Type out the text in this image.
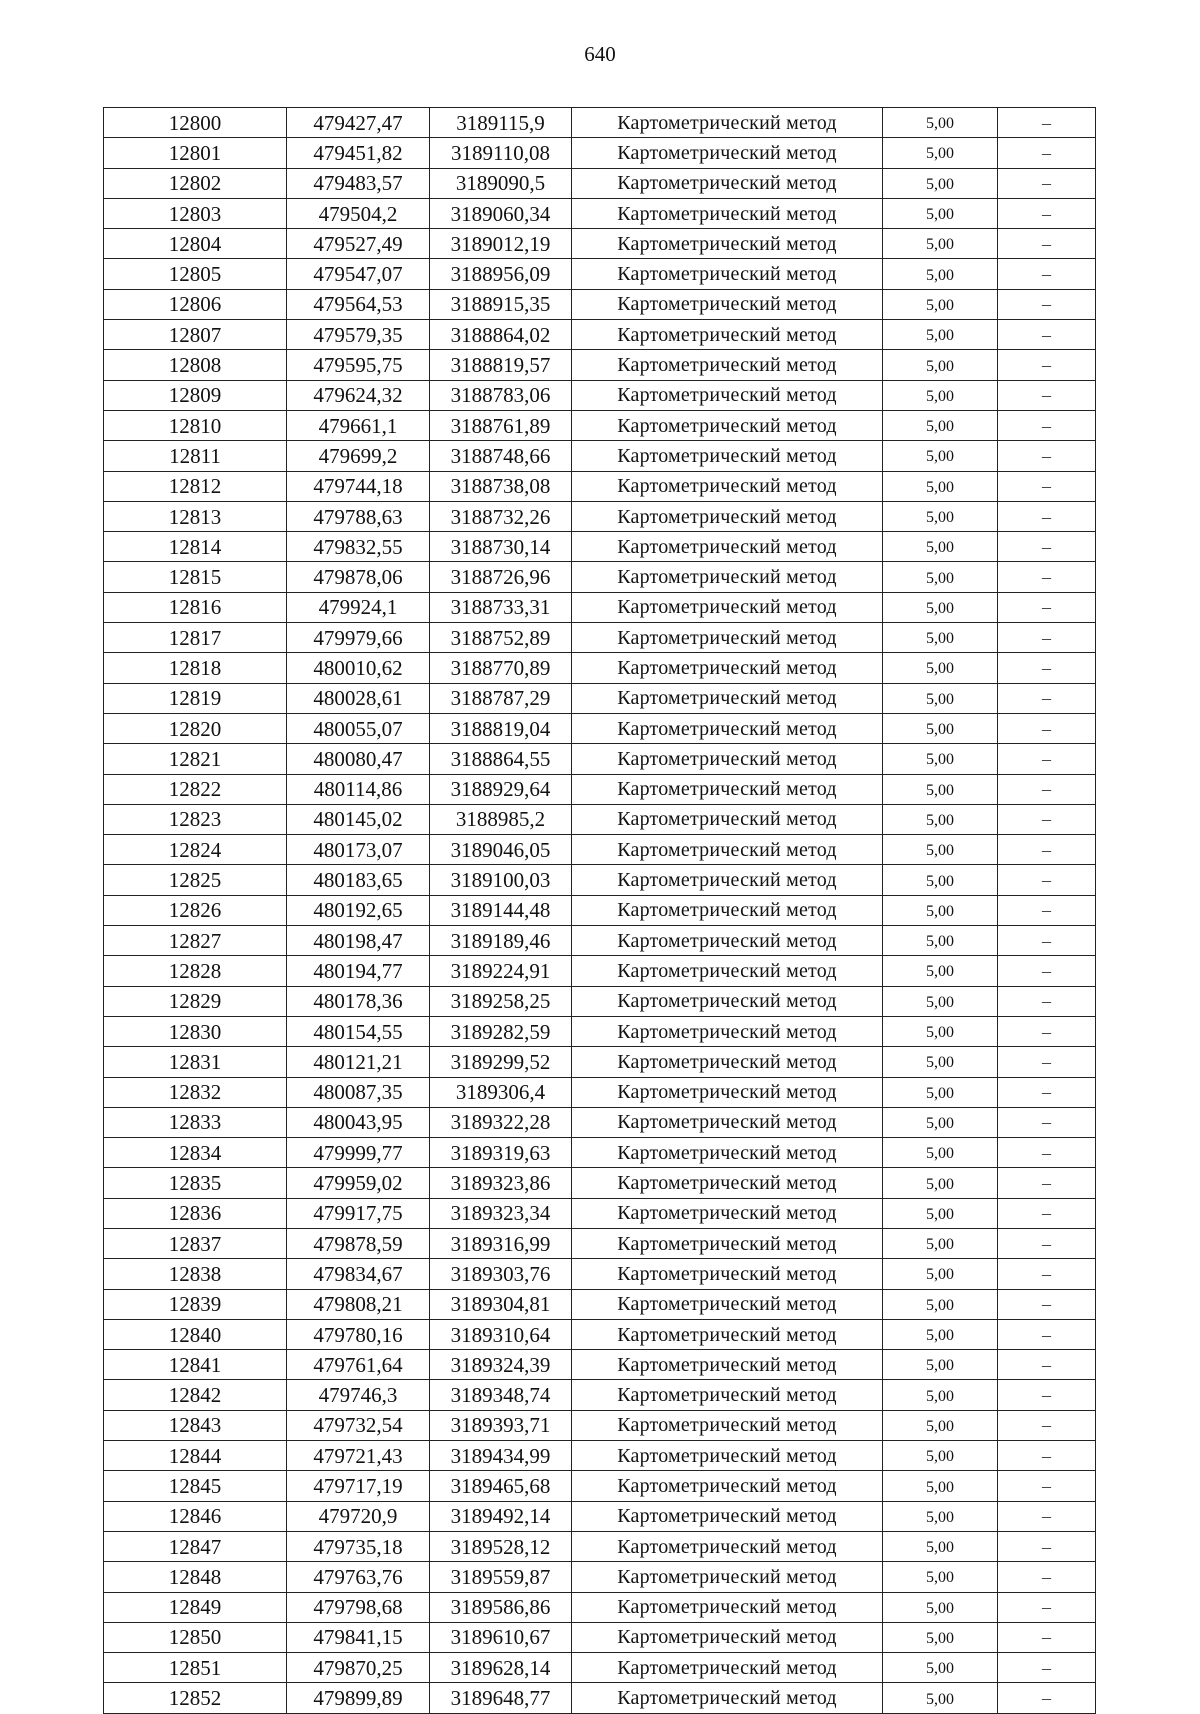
640
12800	479427,47	3189115,9	Картометрический метод	5,00	–
12801	479451,82	3189110,08	Картометрический метод	5,00	–
12802	479483,57	3189090,5	Картометрический метод	5,00	–
12803	479504,2	3189060,34	Картометрический метод	5,00	–
12804	479527,49	3189012,19	Картометрический метод	5,00	–
12805	479547,07	3188956,09	Картометрический метод	5,00	–
12806	479564,53	3188915,35	Картометрический метод	5,00	–
12807	479579,35	3188864,02	Картометрический метод	5,00	–
12808	479595,75	3188819,57	Картометрический метод	5,00	–
12809	479624,32	3188783,06	Картометрический метод	5,00	–
12810	479661,1	3188761,89	Картометрический метод	5,00	–
12811	479699,2	3188748,66	Картометрический метод	5,00	–
12812	479744,18	3188738,08	Картометрический метод	5,00	–
12813	479788,63	3188732,26	Картометрический метод	5,00	–
12814	479832,55	3188730,14	Картометрический метод	5,00	–
12815	479878,06	3188726,96	Картометрический метод	5,00	–
12816	479924,1	3188733,31	Картометрический метод	5,00	–
12817	479979,66	3188752,89	Картометрический метод	5,00	–
12818	480010,62	3188770,89	Картометрический метод	5,00	–
12819	480028,61	3188787,29	Картометрический метод	5,00	–
12820	480055,07	3188819,04	Картометрический метод	5,00	–
12821	480080,47	3188864,55	Картометрический метод	5,00	–
12822	480114,86	3188929,64	Картометрический метод	5,00	–
12823	480145,02	3188985,2	Картометрический метод	5,00	–
12824	480173,07	3189046,05	Картометрический метод	5,00	–
12825	480183,65	3189100,03	Картометрический метод	5,00	–
12826	480192,65	3189144,48	Картометрический метод	5,00	–
12827	480198,47	3189189,46	Картометрический метод	5,00	–
12828	480194,77	3189224,91	Картометрический метод	5,00	–
12829	480178,36	3189258,25	Картометрический метод	5,00	–
12830	480154,55	3189282,59	Картометрический метод	5,00	–
12831	480121,21	3189299,52	Картометрический метод	5,00	–
12832	480087,35	3189306,4	Картометрический метод	5,00	–
12833	480043,95	3189322,28	Картометрический метод	5,00	–
12834	479999,77	3189319,63	Картометрический метод	5,00	–
12835	479959,02	3189323,86	Картометрический метод	5,00	–
12836	479917,75	3189323,34	Картометрический метод	5,00	–
12837	479878,59	3189316,99	Картометрический метод	5,00	–
12838	479834,67	3189303,76	Картометрический метод	5,00	–
12839	479808,21	3189304,81	Картометрический метод	5,00	–
12840	479780,16	3189310,64	Картометрический метод	5,00	–
12841	479761,64	3189324,39	Картометрический метод	5,00	–
12842	479746,3	3189348,74	Картометрический метод	5,00	–
12843	479732,54	3189393,71	Картометрический метод	5,00	–
12844	479721,43	3189434,99	Картометрический метод	5,00	–
12845	479717,19	3189465,68	Картометрический метод	5,00	–
12846	479720,9	3189492,14	Картометрический метод	5,00	–
12847	479735,18	3189528,12	Картометрический метод	5,00	–
12848	479763,76	3189559,87	Картометрический метод	5,00	–
12849	479798,68	3189586,86	Картометрический метод	5,00	–
12850	479841,15	3189610,67	Картометрический метод	5,00	–
12851	479870,25	3189628,14	Картометрический метод	5,00	–
12852	479899,89	3189648,77	Картометрический метод	5,00	–
